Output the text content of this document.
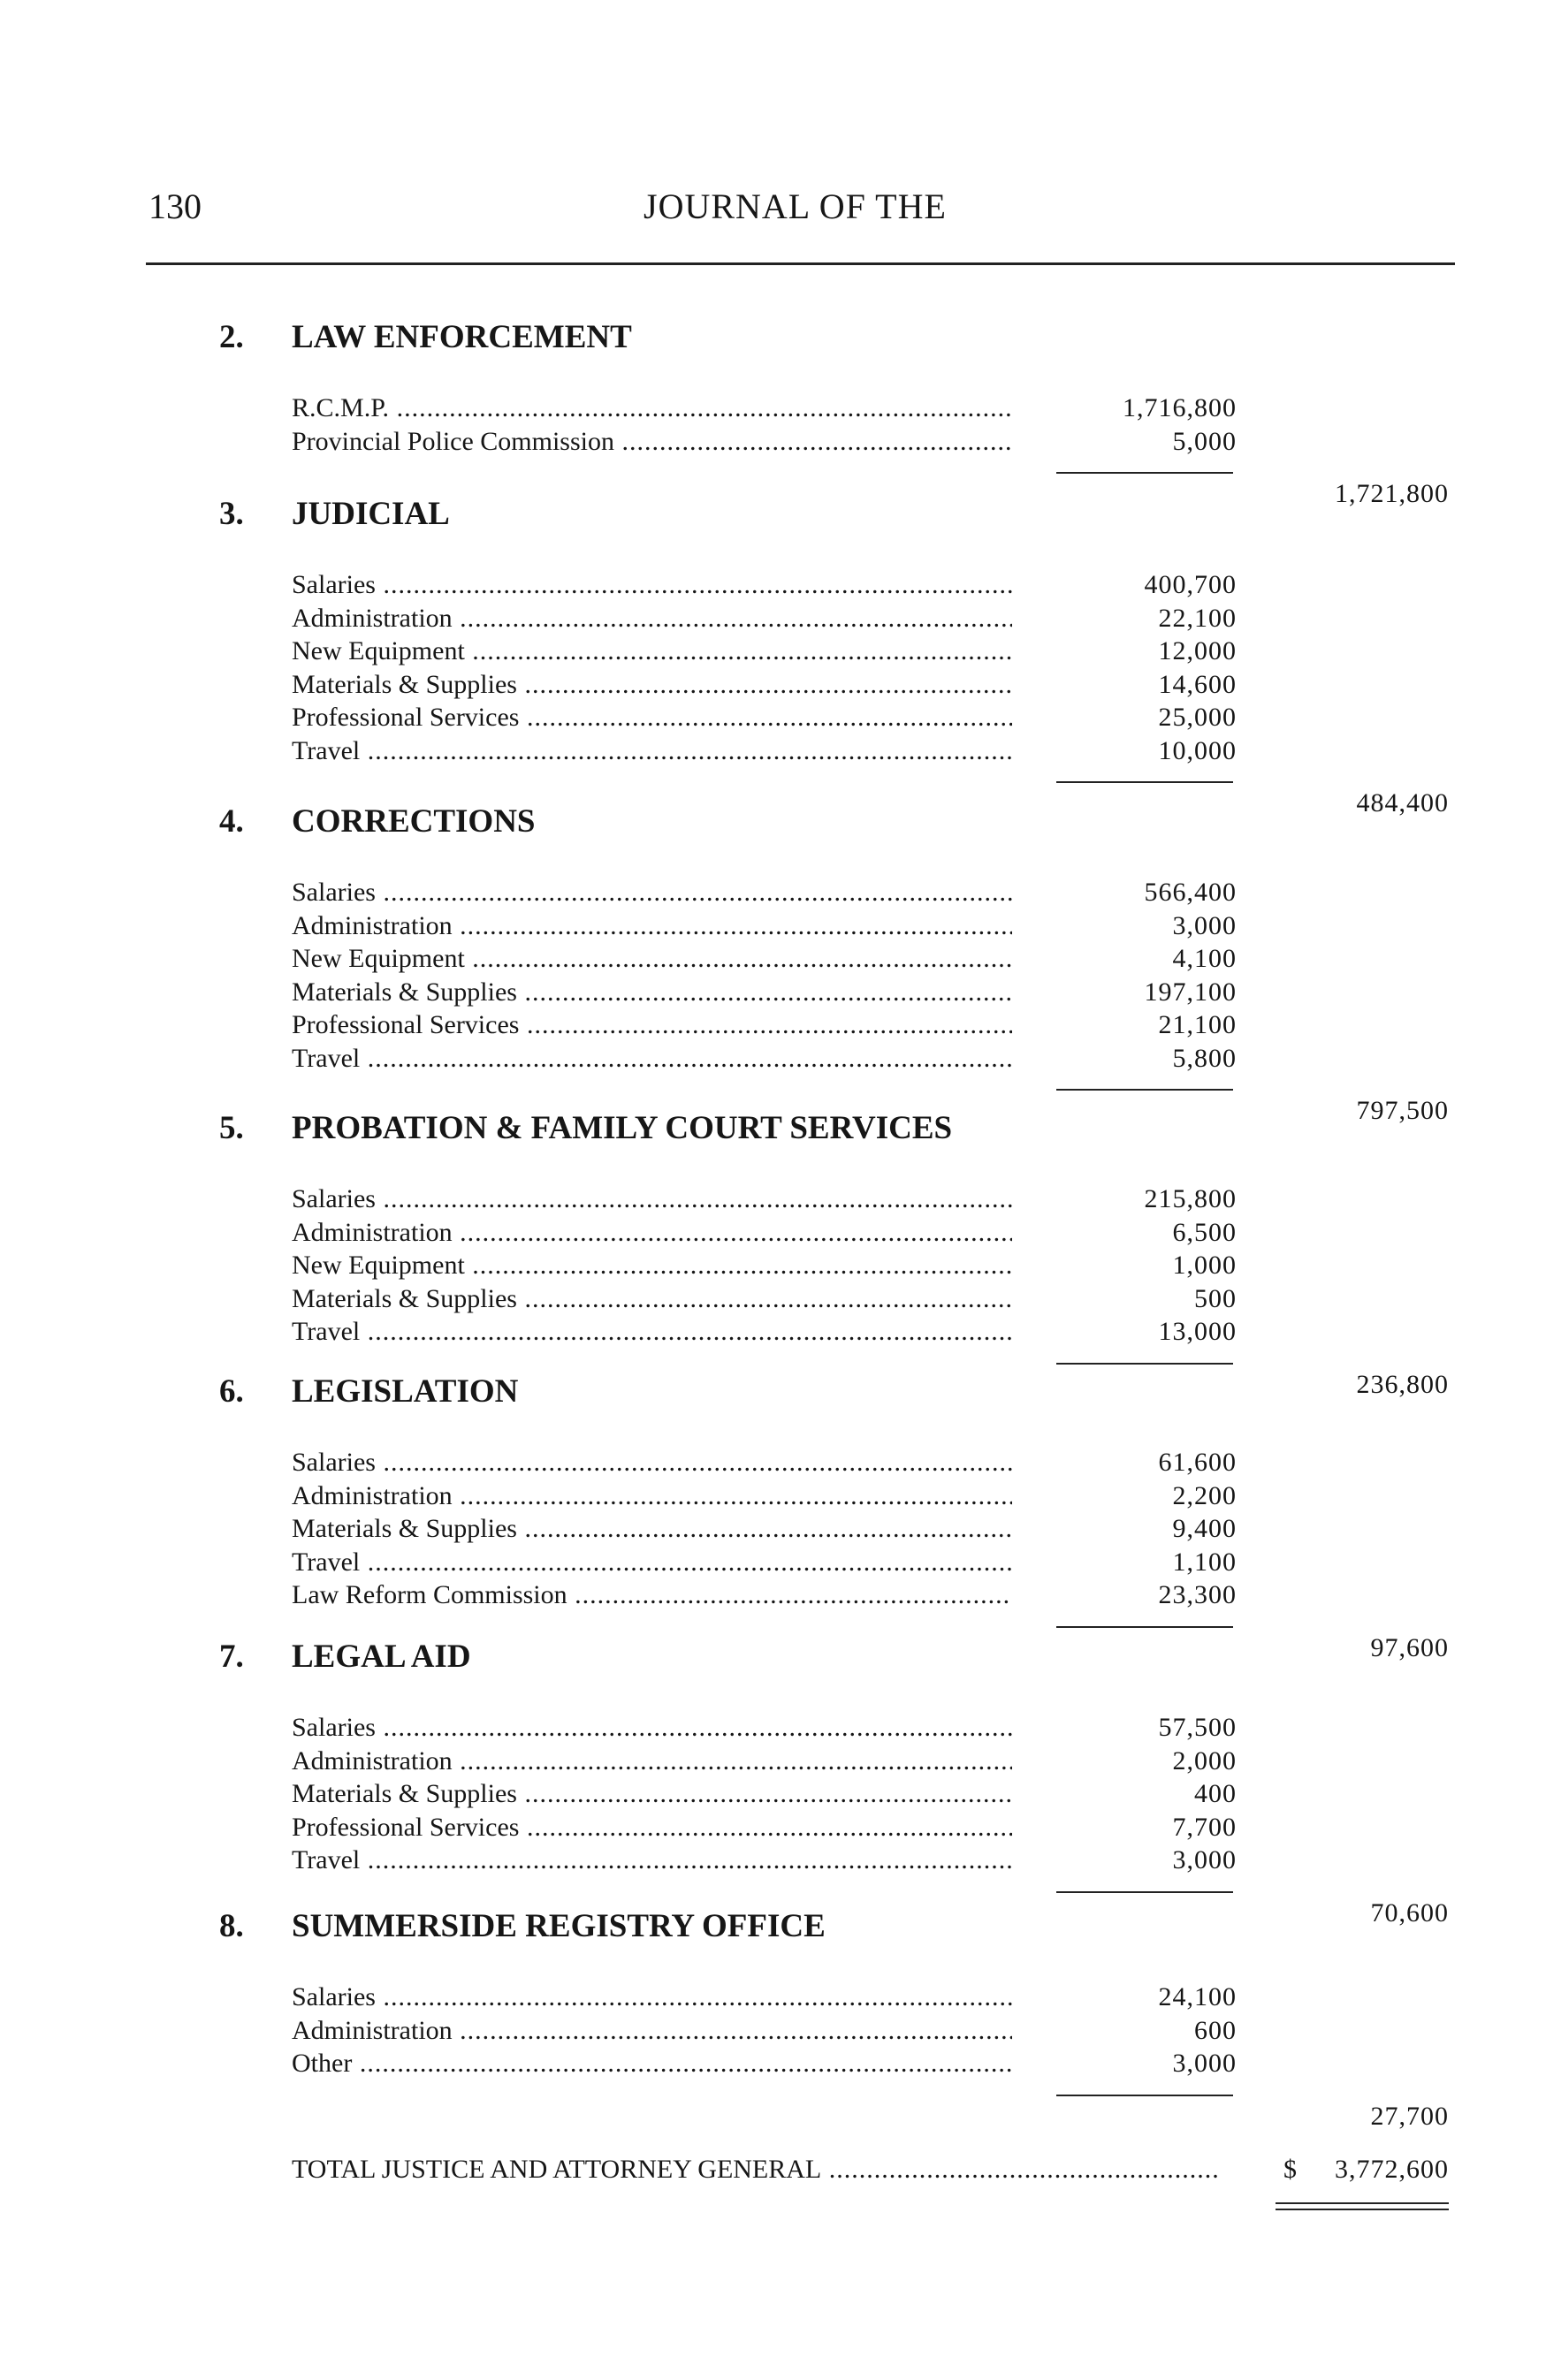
130	JOURNAL OF THE
2. LAW ENFORCEMENT
R.C.M.P. .....	1,716,800
Provincial Police Commission .....	5,000
1,721,800
3. JUDICIAL
Salaries .....	400,700
Administration .....	22,100
New Equipment .....	12,000
Materials & Supplies .....	14,600
Professional Services .....	25,000
Travel .....	10,000
484,400
4. CORRECTIONS
Salaries .....	566,400
Administration .....	3,000
New Equipment .....	4,100
Materials & Supplies .....	197,100
Professional Services .....	21,100
Travel .....	5,800
797,500
5. PROBATION & FAMILY COURT SERVICES
Salaries .....	215,800
Administration .....	6,500
New Equipment .....	1,000
Materials & Supplies .....	500
Travel .....	13,000
236,800
6. LEGISLATION
Salaries .....	61,600
Administration .....	2,200
Materials & Supplies .....	9,400
Travel .....	1,100
Law Reform Commission .....	23,300
97,600
7. LEGAL AID
Salaries .....	57,500
Administration .....	2,000
Materials & Supplies .....	400
Professional Services .....	7,700
Travel .....	3,000
70,600
8. SUMMERSIDE REGISTRY OFFICE
Salaries .....	24,100
Administration .....	600
Other .....	3,000
27,700
TOTAL JUSTICE AND ATTORNEY GENERAL .....	$ 3,772,600
